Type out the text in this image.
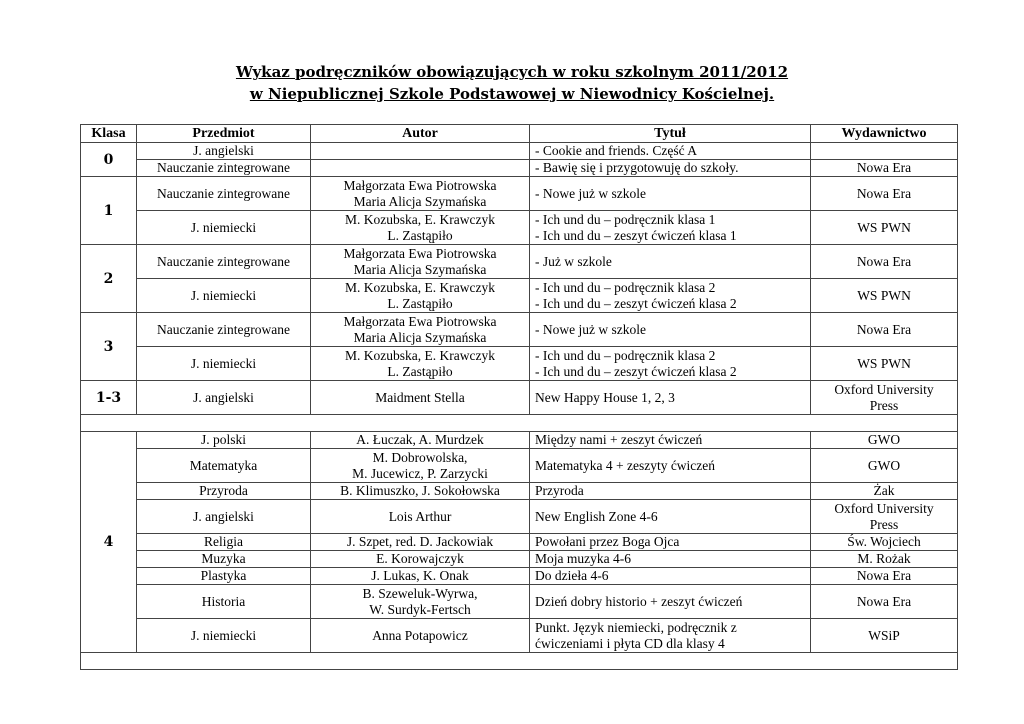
Wykaz podręczników obowiązujących w roku szkolnym 2011/2012
w Niepublicznej Szkole Podstawowej w Niewodnicy Kościelnej.
Klasa	Przedmiot	Autor	Tytuł	Wydawnictwo
0	J. angielski		- Cookie and friends. Część A	

	Nauczanie zintegrowane		- Bawię się i przygotowuję do szkoły.	Nowa Era

1	Nauczanie zintegrowane	Małgorzata Ewa Piotrowska
Maria Alicja Szymańska	- Nowe już w szkole	Nowa Era

	J. niemiecki	M. Kozubska, E. Krawczyk
L. Zastąpiło	- Ich und du – podręcznik klasa 1
- Ich und du – zeszyt ćwiczeń klasa 1	WS PWN

2	Nauczanie zintegrowane	Małgorzata Ewa Piotrowska
Maria Alicja Szymańska	- Już w szkole	Nowa Era

	J. niemiecki	M. Kozubska, E. Krawczyk
L. Zastąpiło	- Ich und du – podręcznik klasa 2
- Ich und du – zeszyt ćwiczeń klasa 2	WS PWN

3	Nauczanie zintegrowane	Małgorzata Ewa Piotrowska
Maria Alicja Szymańska	- Nowe już w szkole	Nowa Era

	J. niemiecki	M. Kozubska, E. Krawczyk
L. Zastąpiło	- Ich und du – podręcznik klasa 2
- Ich und du – zeszyt ćwiczeń klasa 2	WS PWN

1-3	J. angielski	Maidment Stella	New Happy House 1, 2, 3	Oxford University
Press

4	J. polski	A. Łuczak, A. Murdzek	Między nami + zeszyt ćwiczeń	GWO

	Matematyka	M. Dobrowolska,
M. Jucewicz, P. Zarzycki	Matematyka 4 + zeszyty ćwiczeń	GWO

	Przyroda	B. Klimuszko, J. Sokołowska	Przyroda	Żak

	J. angielski	Lois Arthur	New English Zone 4-6	Oxford University
Press

	Religia	J. Szpet, red. D. Jackowiak	Powołani przez Boga Ojca	Św. Wojciech

	Muzyka	E. Korowajczyk	Moja muzyka 4-6	M. Rożak

	Plastyka	J. Lukas, K. Onak	Do dzieła 4-6	Nowa Era

	Historia	B. Szeweluk-Wyrwa,
W. Surdyk-Fertsch	Dzień dobry historio + zeszyt ćwiczeń	Nowa Era

	J. niemiecki	Anna Potapowicz	Punkt. Język niemiecki, podręcznik z
ćwiczeniami i płyta CD dla klasy 4	WSiP
